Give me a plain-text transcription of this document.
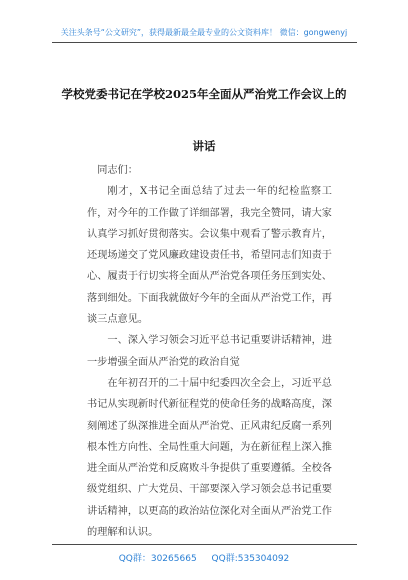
关注头条号“公文研究”，获得最新最全最专业的公文资料库！ 微信：gongwenyj
学校党委书记在学校2025年全面从严治党工作会议上的讲话

同志们：

刚才，X书记全面总结了过去一年的纪检监察工作，对今年的工作做了详细部署，我完全赞同，请大家认真学习抓好贯彻落实。会议集中观看了警示教育片，还现场递交了党风廉政建设责任书，希望同志们知责于心、履责于行切实将全面从严治党各项任务压到实处、落到细处。下面我就做好今年的全面从严治党工作，再谈三点意见。

一、深入学习领会习近平总书记重要讲话精神，进一步增强全面从严治党的政治自觉

在年初召开的二十届中纪委四次全会上，习近平总书记从实现新时代新征程党的使命任务的战略高度，深刻阐述了纵深推进全面从严治党、正风肃纪反腐一系列根本性方向性、全局性重大问题，为在新征程上深入推进全面从严治党和反腐败斗争提供了重要遵循。全校各级党组织、广大党员、干部要深入学习领会总书记重要讲话精神，以更高的政治站位深化对全面从严治党工作的理解和认识。

QQ群：30265665 QQ群:535304092
